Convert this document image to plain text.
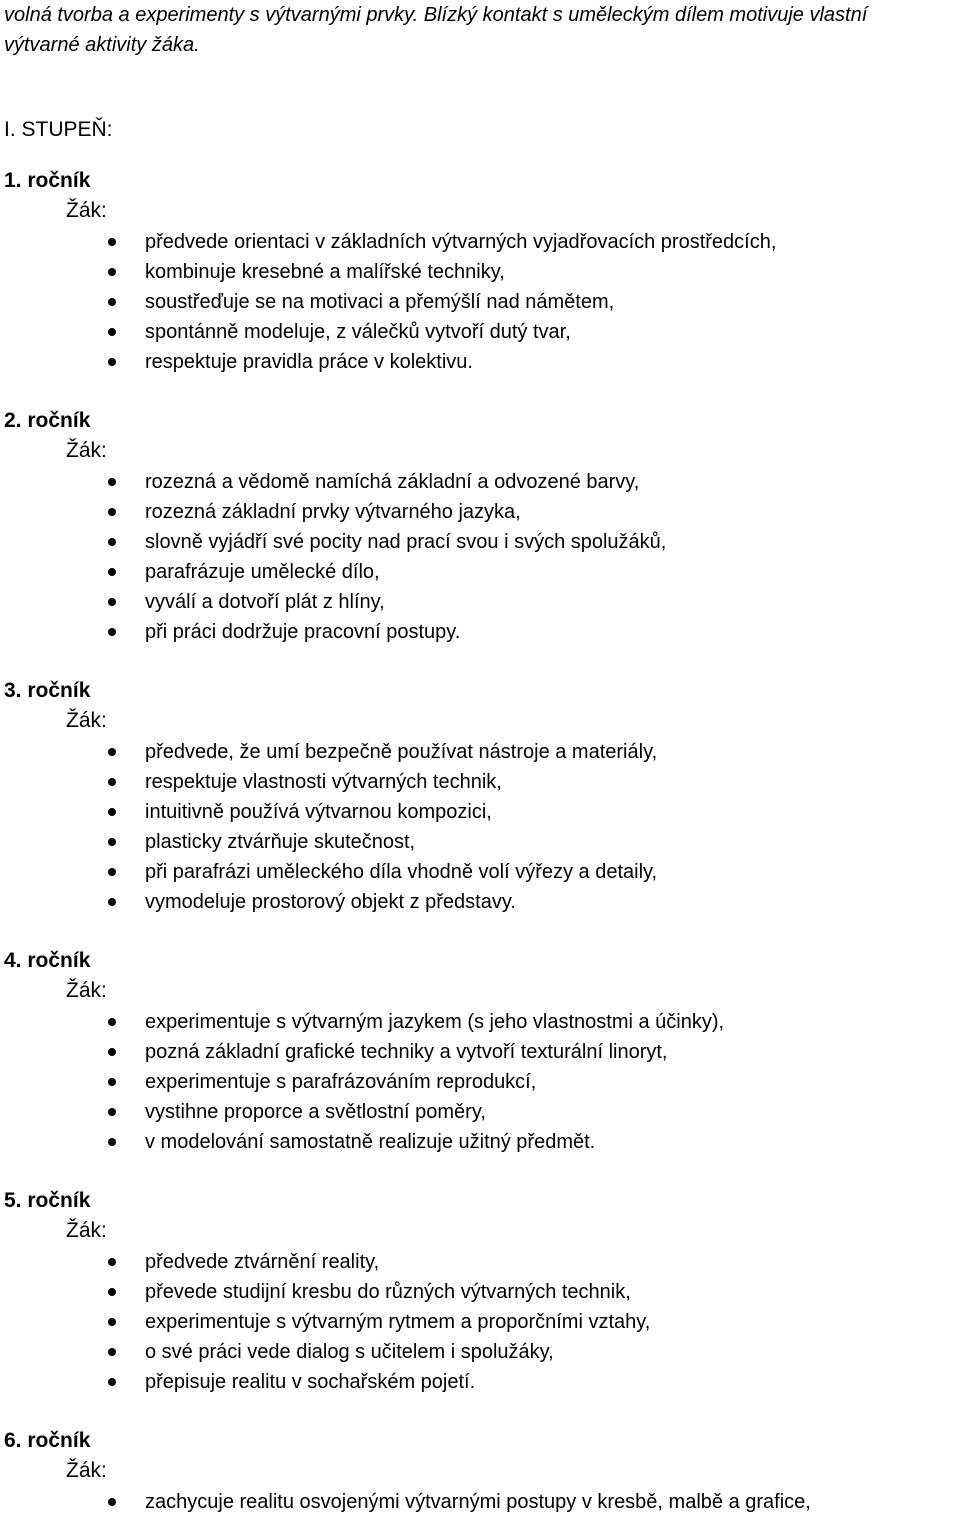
volná tvorba a experimenty s výtvarnými prvky. Blízký kontakt s uměleckým dílem motivuje vlastní
výtvarné aktivity žáka.
I. STUPEŇ:
1. ročník
Žák:
předvede orientaci v základních výtvarných vyjadřovacích prostředcích,
kombinuje kresebné a malířské techniky,
soustřeďuje se na motivaci a přemýšlí nad námětem,
spontánně modeluje, z válečků vytvoří dutý tvar,
respektuje pravidla práce v kolektivu.
2. ročník
Žák:
rozezná a vědomě namíchá základní a odvozené barvy,
rozezná základní prvky výtvarného jazyka,
slovně vyjádří své pocity nad prací svou i svých spolužáků,
parafrázuje umělecké dílo,
vyválí a dotvoří plát z hlíny,
při práci dodržuje pracovní postupy.
3. ročník
Žák:
předvede, že umí bezpečně používat nástroje a materiály,
respektuje vlastnosti výtvarných technik,
intuitivně používá výtvarnou kompozici,
plasticky ztvárňuje skutečnost,
při parafrázi uměleckého díla vhodně volí výřezy a detaily,
vymodeluje prostorový objekt z představy.
4. ročník
Žák:
experimentuje s výtvarným jazykem (s jeho vlastnostmi a účinky),
pozná základní grafické techniky a vytvoří texturální linoryt,
experimentuje s parafrázováním reprodukcí,
vystihne proporce a světlostní poměry,
v modelování samostatně realizuje užitný předmět.
5. ročník
Žák:
předvede ztvárnění reality,
převede studijní kresbu do různých výtvarných technik,
experimentuje s výtvarným rytmem a proporčními vztahy,
o své práci vede dialog s učitelem i spolužáky,
přepisuje realitu v sochařském pojetí.
6. ročník
Žák:
zachycuje realitu osvojenými výtvarnými postupy v kresbě, malbě a grafice,
